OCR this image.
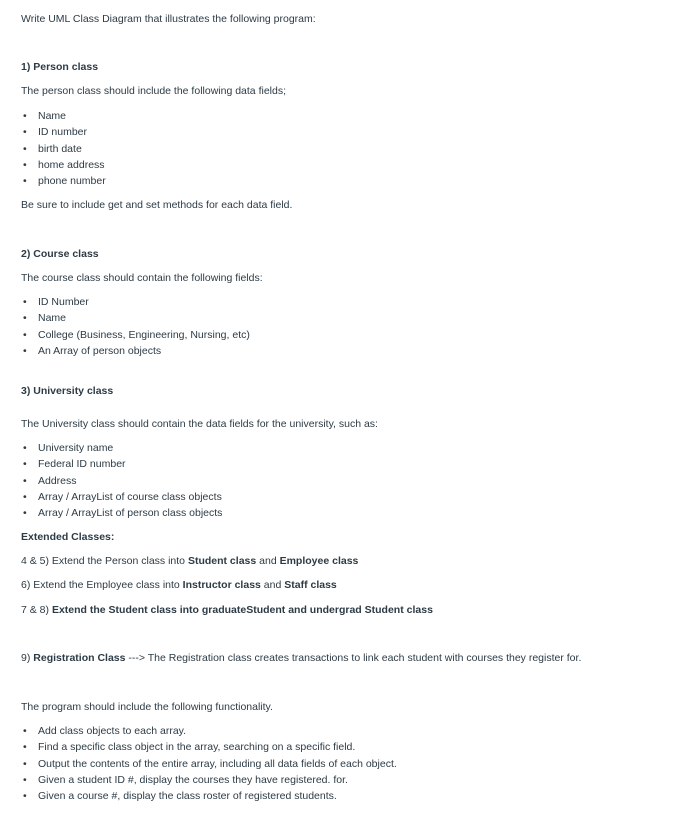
Write UML Class Diagram that illustrates the following program:
1) Person class
The person class should include the following data fields;
• Name
• ID number
• birth date
• home address
• phone number
Be sure to include get and set methods for each data field.
2) Course class
The course class should contain the following fields:
• ID Number
• Name
• College (Business, Engineering, Nursing, etc)
• An Array of person objects
3) University class
The University class should contain the data fields for the university, such as:
• University name
• Federal ID number
• Address
• Array / ArrayList of course class objects
• Array / ArrayList of person class objects
Extended Classes:
4 & 5) Extend the Person class into Student class and Employee class
6) Extend the Employee class into Instructor class and Staff class
7 & 8) Extend the Student class into graduateStudent and undergrad Student class
9) Registration Class ---> The Registration class creates transactions to link each student with courses they register for.
The program should include the following functionality.
• Add class objects to each array.
• Find a specific class object in the array, searching on a specific field.
• Output the contents of the entire array, including all data fields of each object.
• Given a student ID #, display the courses they have registered. for.
• Given a course #, display the class roster of registered students.
